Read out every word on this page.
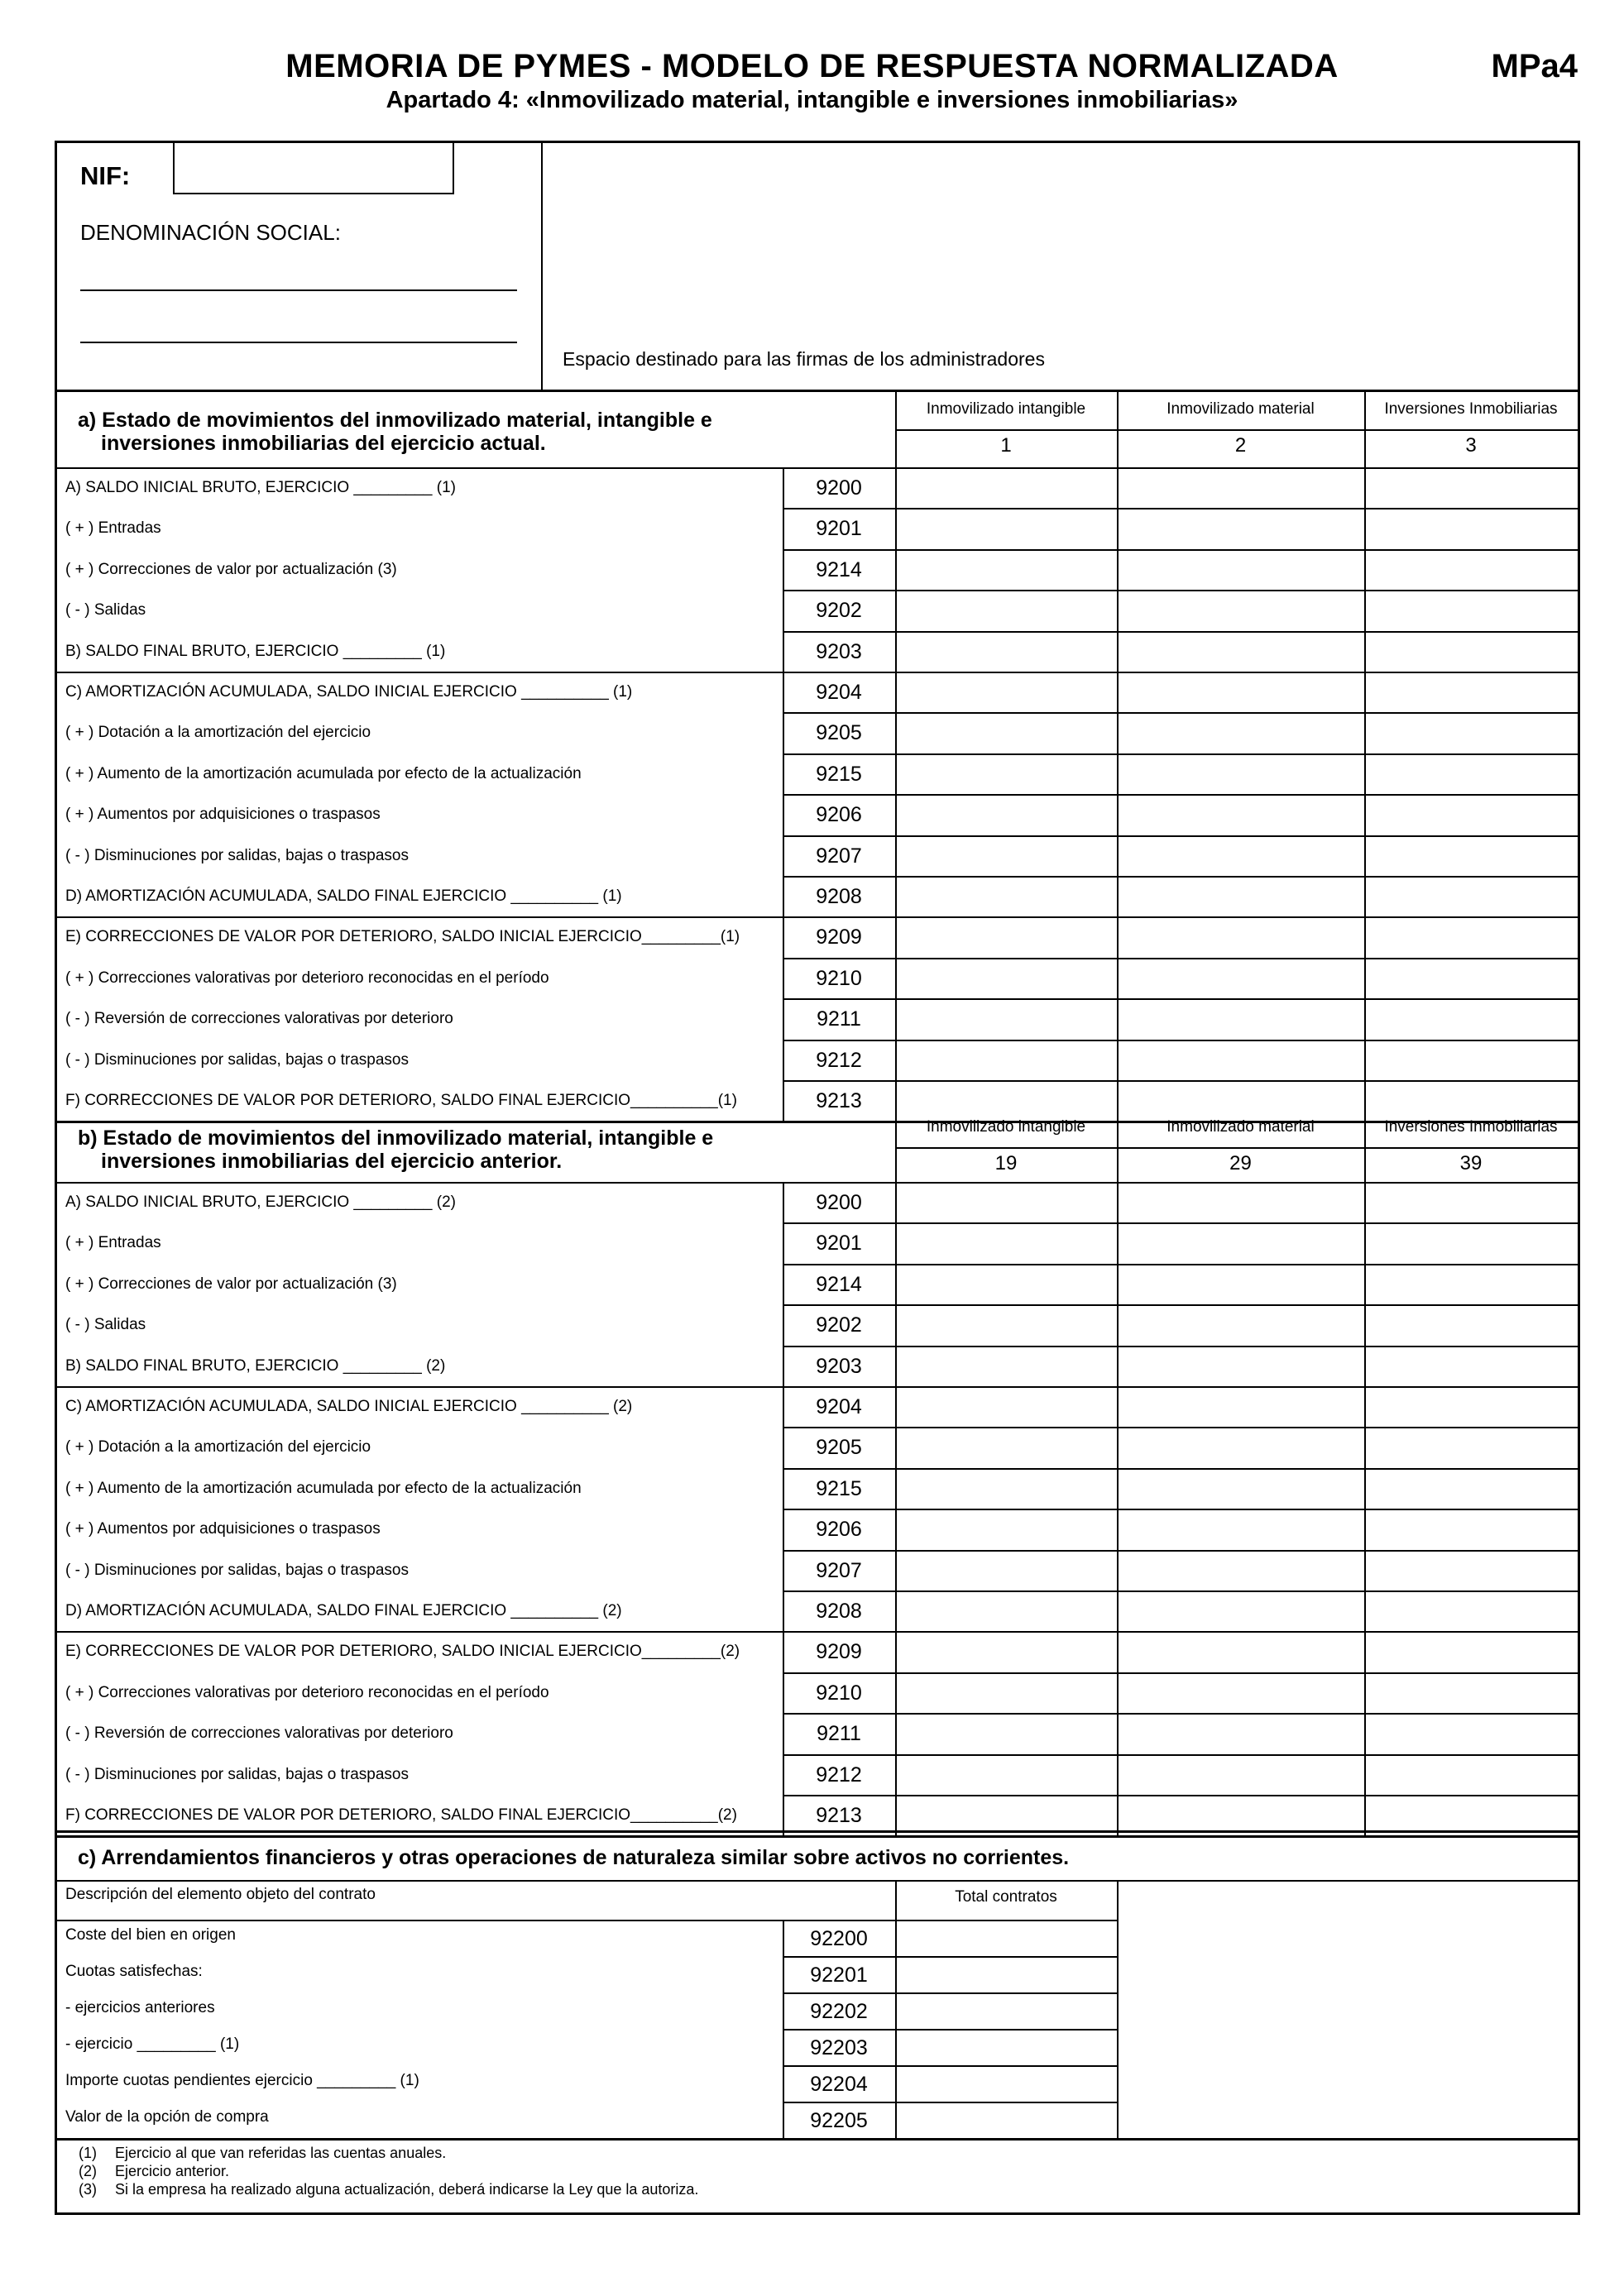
MEMORIA DE PYMES - MODELO DE RESPUESTA NORMALIZADA
Apartado 4: «Inmovilizado material, intangible e inversiones inmobiliarias»
MPa4
NIF:
DENOMINACIÓN SOCIAL:
Espacio destinado para las firmas de los administradores
a) Estado de movimientos del inmovilizado material, intangible e
inversiones inmobiliarias del ejercicio actual.
b) Estado de movimientos del inmovilizado material, intangible e
inversiones inmobiliarias del ejercicio anterior.
c) Arrendamientos financieros y otras operaciones de naturaleza similar sobre activos no corrientes.
Descripción del elemento objeto del contrato	Total contratos
(1) Ejercicio al que van referidas las cuentas anuales.
(2) Ejercicio anterior.
(3) Si la empresa ha realizado alguna actualización, deberá indicarse la Ley que la autoriza.
Inmovilizado intangible
1
Inmovilizado material
2
Inversiones Inmobiliarias
3
A) SALDO INICIAL BRUTO, EJERCICIO _________ (1)	9200
( + ) Entradas	9201
( + ) Correcciones de valor por actualización (3)	9214
( - ) Salidas	9202
B) SALDO FINAL BRUTO, EJERCICIO _________ (1)	9203
C) AMORTIZACIÓN ACUMULADA, SALDO INICIAL EJERCICIO __________ (1)	9204
( + ) Dotación a la amortización del ejercicio	9205
( + ) Aumento de la amortización acumulada por efecto de la actualización	9215
( + ) Aumentos por adquisiciones o traspasos	9206
( - ) Disminuciones por salidas, bajas o traspasos	9207
D) AMORTIZACIÓN ACUMULADA, SALDO FINAL EJERCICIO __________ (1)	9208
E) CORRECCIONES DE VALOR POR DETERIORO, SALDO INICIAL EJERCICIO_________(1)	9209
( + ) Correcciones valorativas por deterioro reconocidas en el período	9210
( - ) Reversión de correcciones valorativas por deterioro	9211
( - ) Disminuciones por salidas, bajas o traspasos	9212
F) CORRECCIONES DE VALOR POR DETERIORO, SALDO FINAL EJERCICIO__________(1)	9213
Inmovilizado intangible
19
Inmovilizado material
29
Inversiones Inmobiliarias
39
A) SALDO INICIAL BRUTO, EJERCICIO _________ (2)	9200
( + ) Entradas	9201
( + ) Correcciones de valor por actualización (3)	9214
( - ) Salidas	9202
B) SALDO FINAL BRUTO, EJERCICIO _________ (2)	9203
C) AMORTIZACIÓN ACUMULADA, SALDO INICIAL EJERCICIO __________ (2)	9204
( + ) Dotación a la amortización del ejercicio	9205
( + ) Aumento de la amortización acumulada por efecto de la actualización	9215
( + ) Aumentos por adquisiciones o traspasos	9206
( - ) Disminuciones por salidas, bajas o traspasos	9207
D) AMORTIZACIÓN ACUMULADA, SALDO FINAL EJERCICIO __________ (2)	9208
E) CORRECCIONES DE VALOR POR DETERIORO, SALDO INICIAL EJERCICIO_________(2)	9209
( + ) Correcciones valorativas por deterioro reconocidas en el período	9210
( - ) Reversión de correcciones valorativas por deterioro	9211
( - ) Disminuciones por salidas, bajas o traspasos	9212
F) CORRECCIONES DE VALOR POR DETERIORO, SALDO FINAL EJERCICIO__________(2)	9213
Coste del bien en origen	92200
Cuotas satisfechas:	92201
- ejercicios anteriores	92202
- ejercicio _________ (1)	92203
Importe cuotas pendientes ejercicio _________ (1)	92204
Valor de la opción de compra	92205
